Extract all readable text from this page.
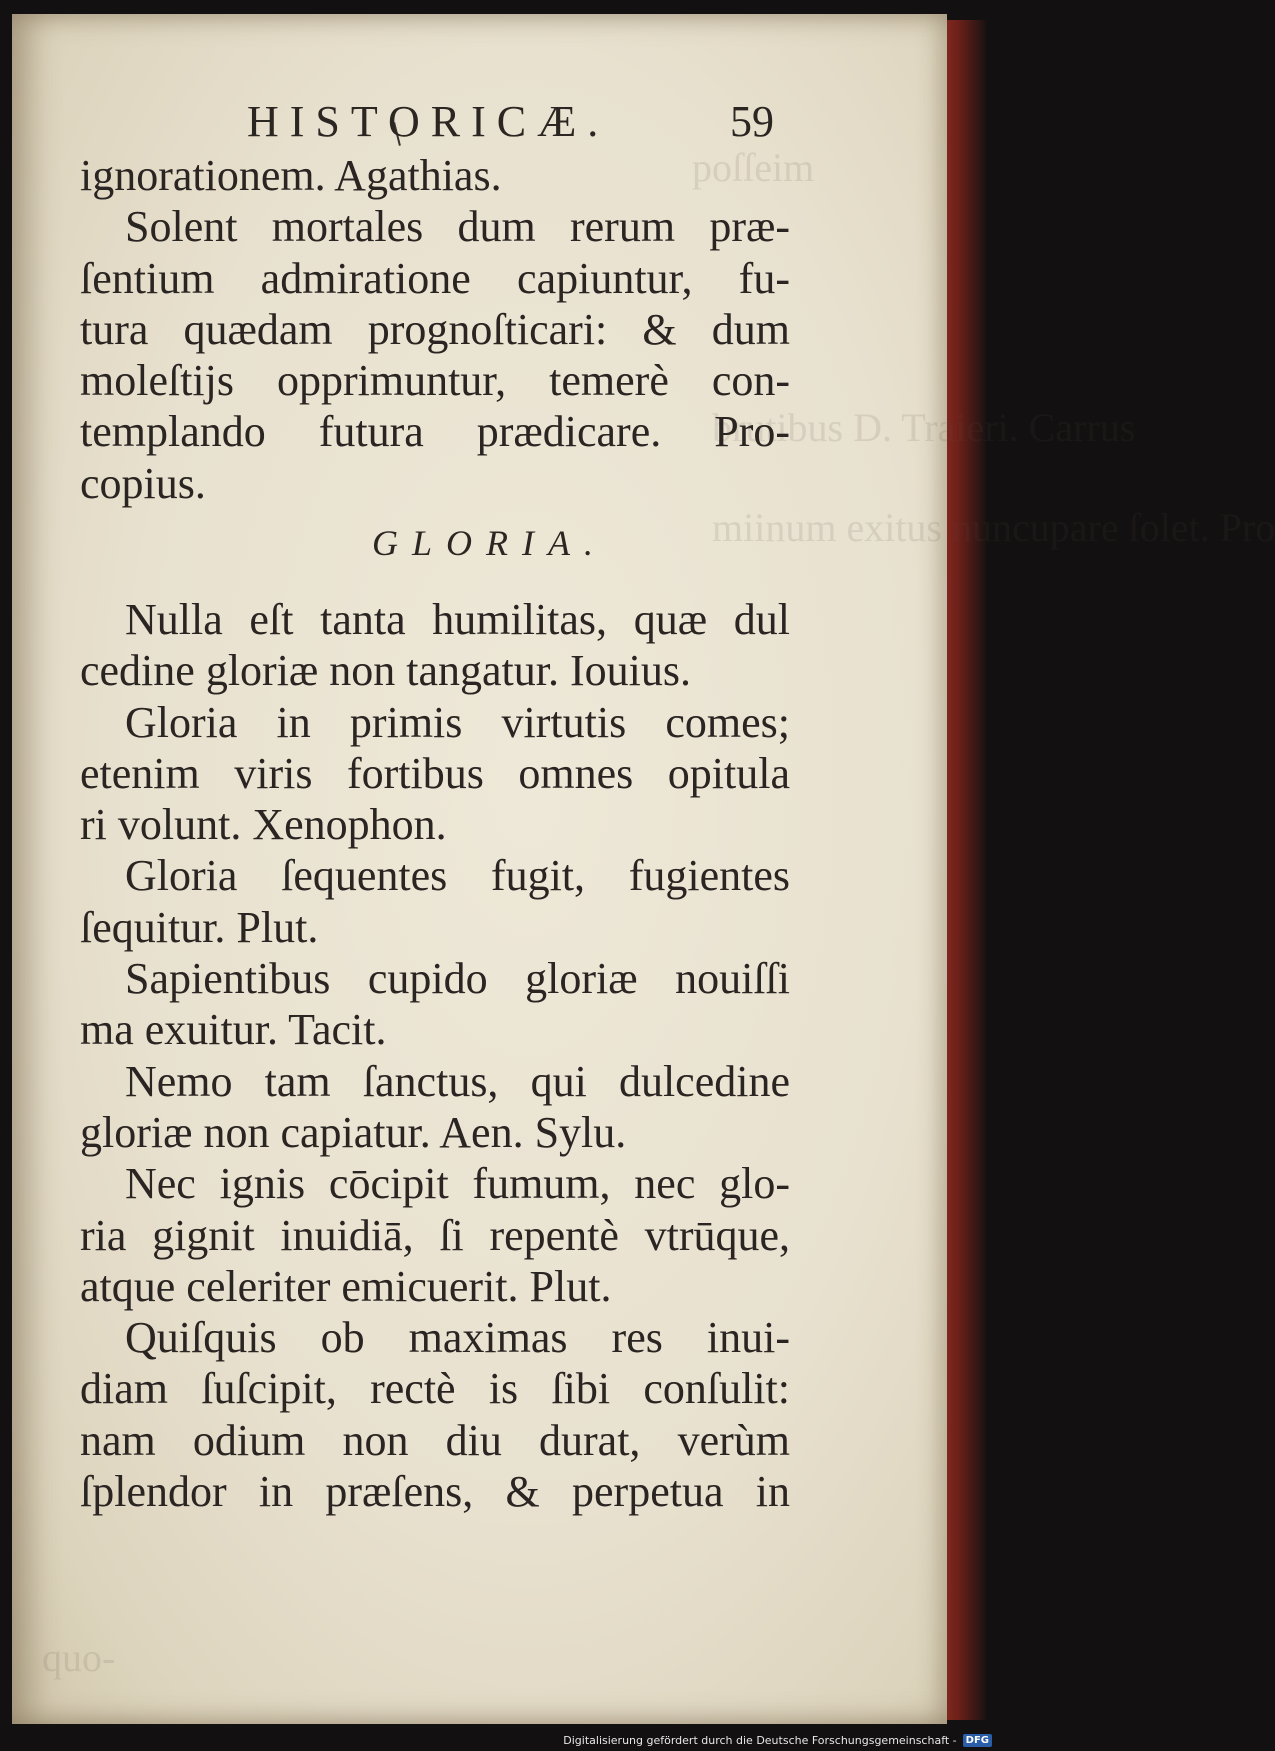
poſſeim
brutibus D. Traieri. Carrus
miinum exitus nuncupare ſolet. Pro
quo-
HISTORICÆ.	59
ignorationem. Agathias.
Solent mortales dum rerum præ-
ſentium admiratione capiuntur, fu-
tura quædam prognoſticari: & dum
moleſtijs opprimuntur, temerè con-
templando futura prædicare. Pro-
copius.
GLORIA.
Nulla eſt tanta humilitas, quæ dul
cedine gloriæ non tangatur. Iouius.
Gloria in primis virtutis comes;
etenim viris fortibus omnes opitula
ri volunt. Xenophon.
Gloria ſequentes fugit, fugientes
ſequitur. Plut.
Sapientibus cupido gloriæ nouiſſi
ma exuitur. Tacit.
Nemo tam ſanctus, qui dulcedine
gloriæ non capiatur. Aen. Sylu.
Nec ignis cōcipit fumum, nec glo-
ria gignit inuidiā, ſi repentè vtrūque,
atque celeriter emicuerit. Plut.
Quiſquis ob maximas res inui-
diam ſuſcipit, rectè is ſibi conſulit:
nam odium non diu durat, verùm
ſplendor in præſens, & perpetua in
Digitalisierung gefördert durch die Deutsche Forschungsgemeinschaft - DFG
